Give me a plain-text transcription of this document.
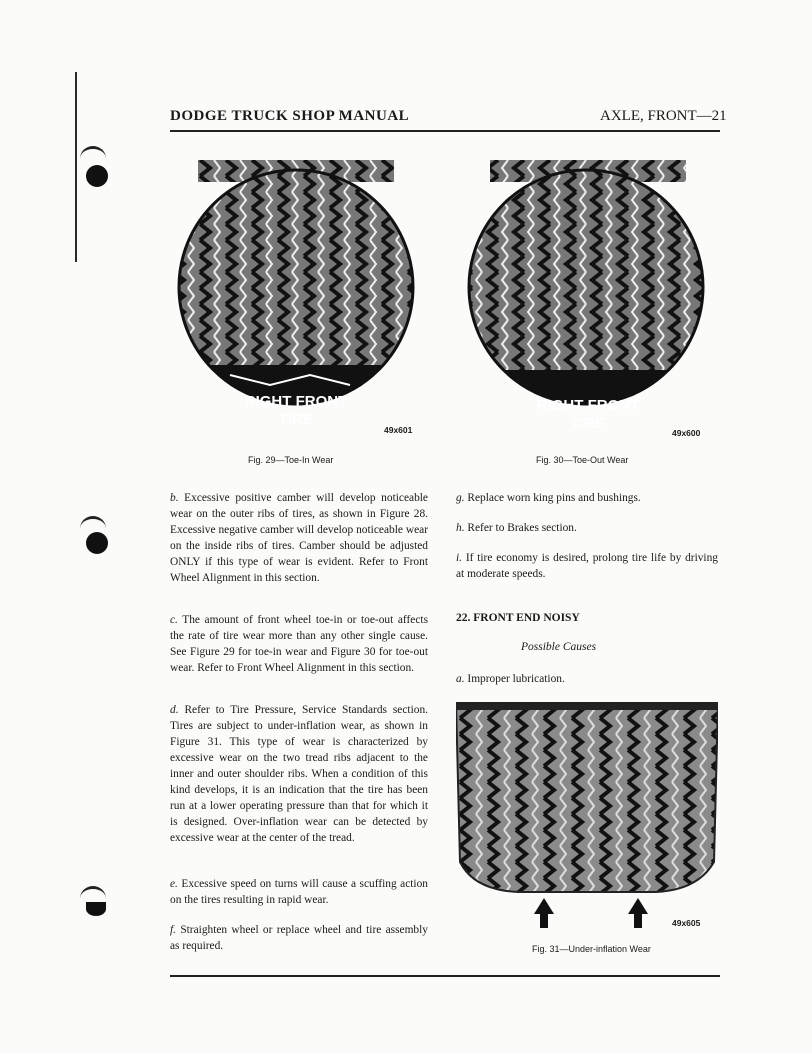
DODGE TRUCK SHOP MANUAL	AXLE, FRONT—21
RIGHT FRONT
TIRE
49x601
Fig. 29—Toe-In Wear
RIGHT FRONT
TIRE
49x600
Fig. 30—Toe-Out Wear
b. Excessive positive camber will develop noticeable wear on the outer ribs of tires, as shown in Figure 28. Excessive negative camber will develop noticeable wear on the inside ribs of tires. Camber should be adjusted ONLY if this type of wear is evident. Refer to Front Wheel Alignment in this section.
c. The amount of front wheel toe-in or toe-out affects the rate of tire wear more than any other single cause. See Figure 29 for toe-in wear and Figure 30 for toe-out wear. Refer to Front Wheel Alignment in this section.
d. Refer to Tire Pressure, Service Standards section. Tires are subject to under-inflation wear, as shown in Figure 31. This type of wear is characterized by excessive wear on the two tread ribs adjacent to the inner and outer shoulder ribs. When a condition of this kind develops, it is an indication that the tire has been run at a lower operating pressure than that for which it is designed. Over-inflation wear can be detected by excessive wear at the center of the tread.
e. Excessive speed on turns will cause a scuffing action on the tires resulting in rapid wear.
f. Straighten wheel or replace wheel and tire assembly as required.
g. Replace worn king pins and bushings.
h. Refer to Brakes section.
i. If tire economy is desired, prolong tire life by driving at moderate speeds.
22. FRONT END NOISY
Possible Causes
a. Improper lubrication.
49x605
Fig. 31—Under-inflation Wear
